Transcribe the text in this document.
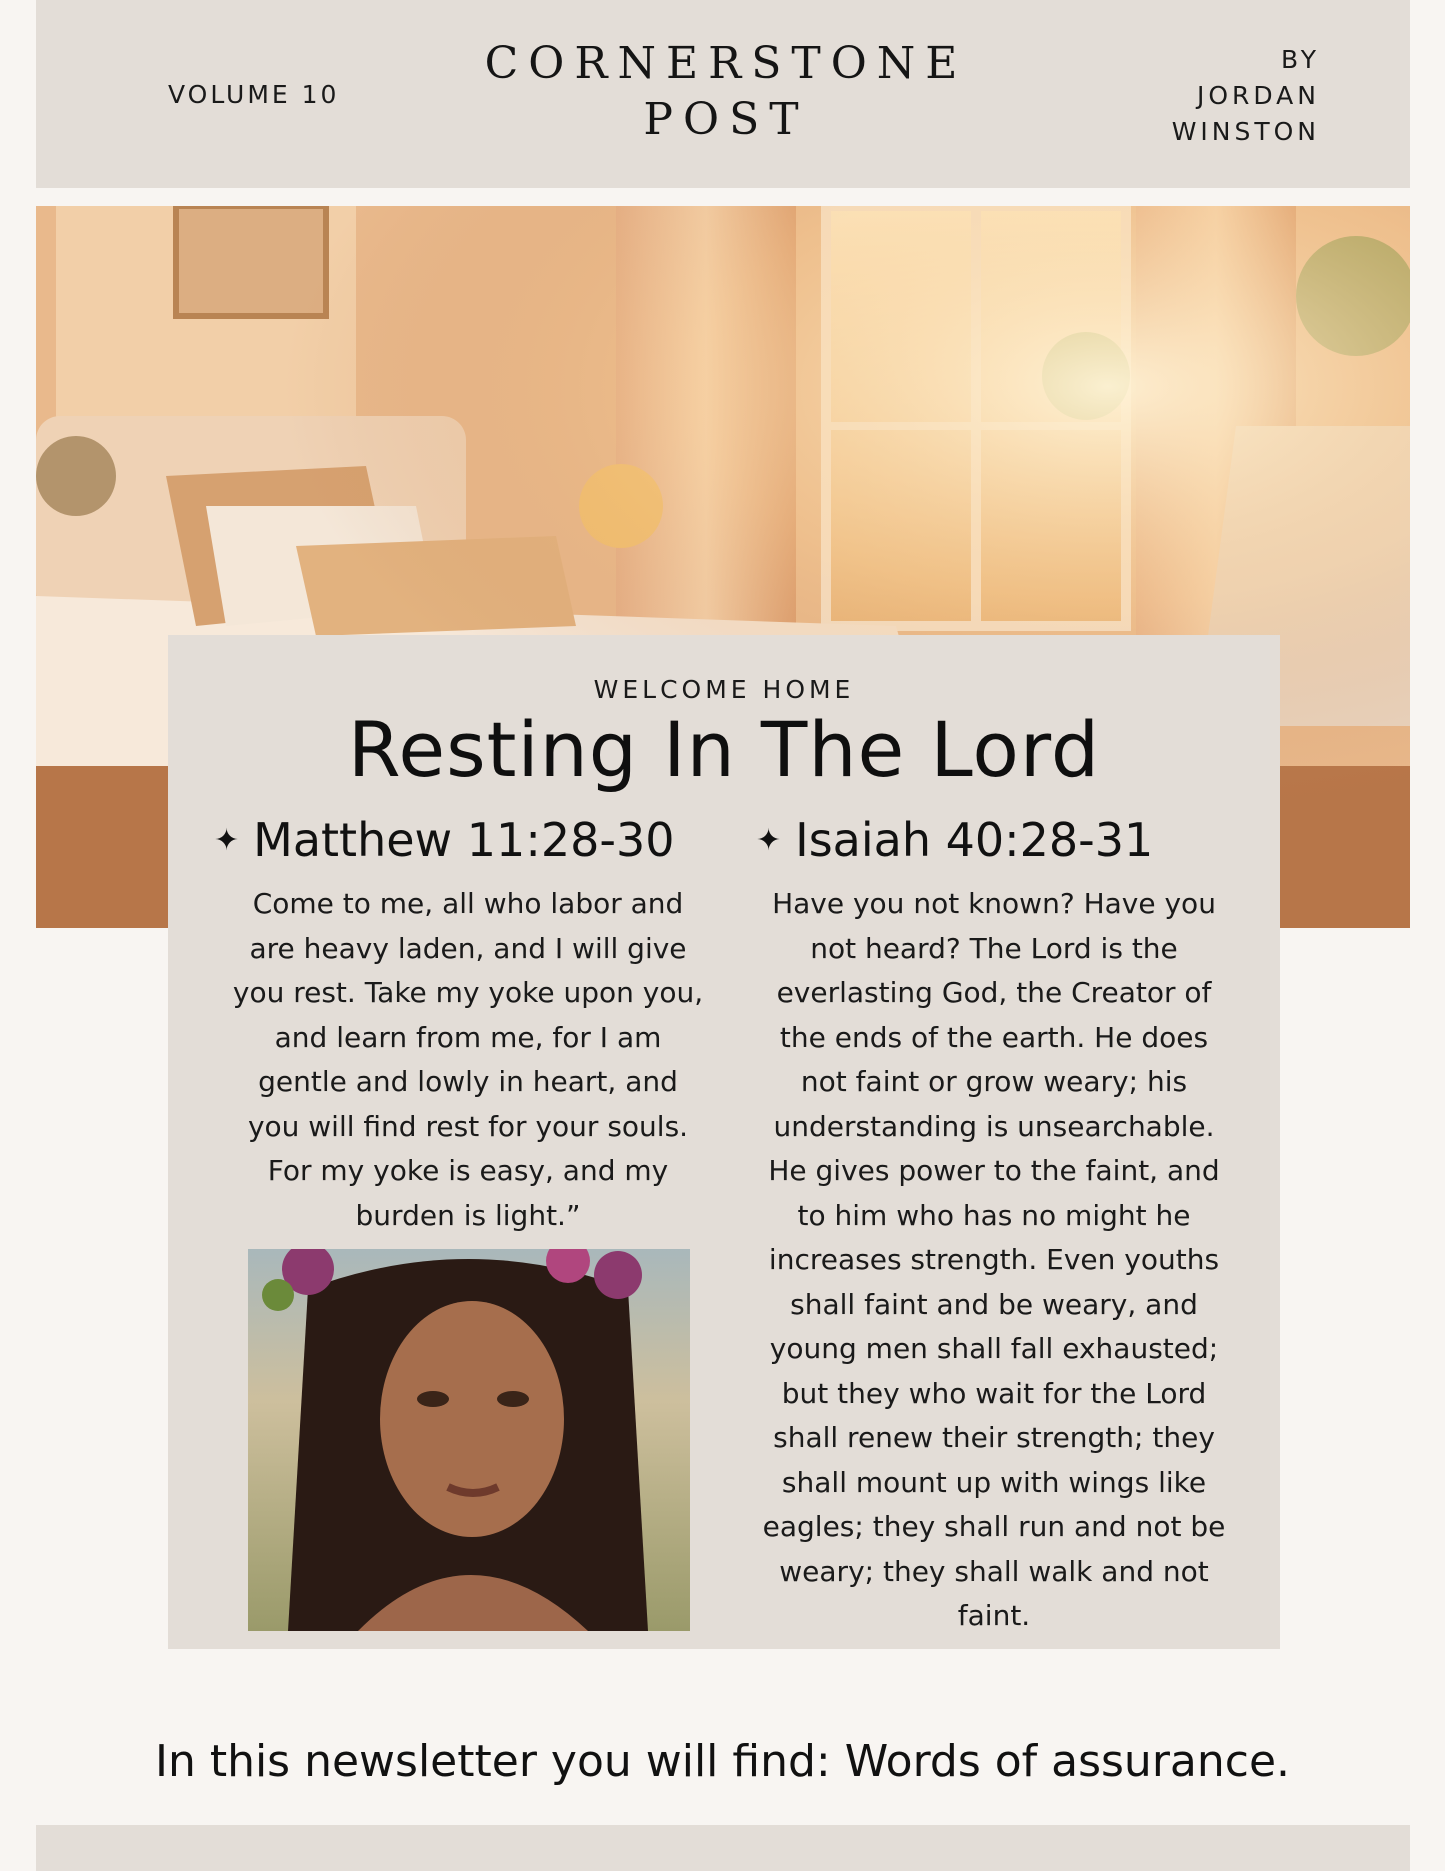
VOLUME 10
CORNERSTONE
POST
BY
JORDAN
WINSTON
WELCOME HOME
Resting In The Lord
✦ Matthew 11:28-30	✦ Isaiah 40:28-31
Come to me, all who labor and
are heavy laden, and I will give
you rest. Take my yoke upon you,
and learn from me, for I am
gentle and lowly in heart, and
you will find rest for your souls.
For my yoke is easy, and my
burden is light.”
Have you not known? Have you
not heard? The Lord is the
everlasting God, the Creator of
the ends of the earth. He does
not faint or grow weary; his
understanding is unsearchable.
He gives power to the faint, and
to him who has no might he
increases strength. Even youths
shall faint and be weary, and
young men shall fall exhausted;
but they who wait for the Lord
shall renew their strength; they
shall mount up with wings like
eagles; they shall run and not be
weary; they shall walk and not
faint.
In this newsletter you will find: Words of assurance.
